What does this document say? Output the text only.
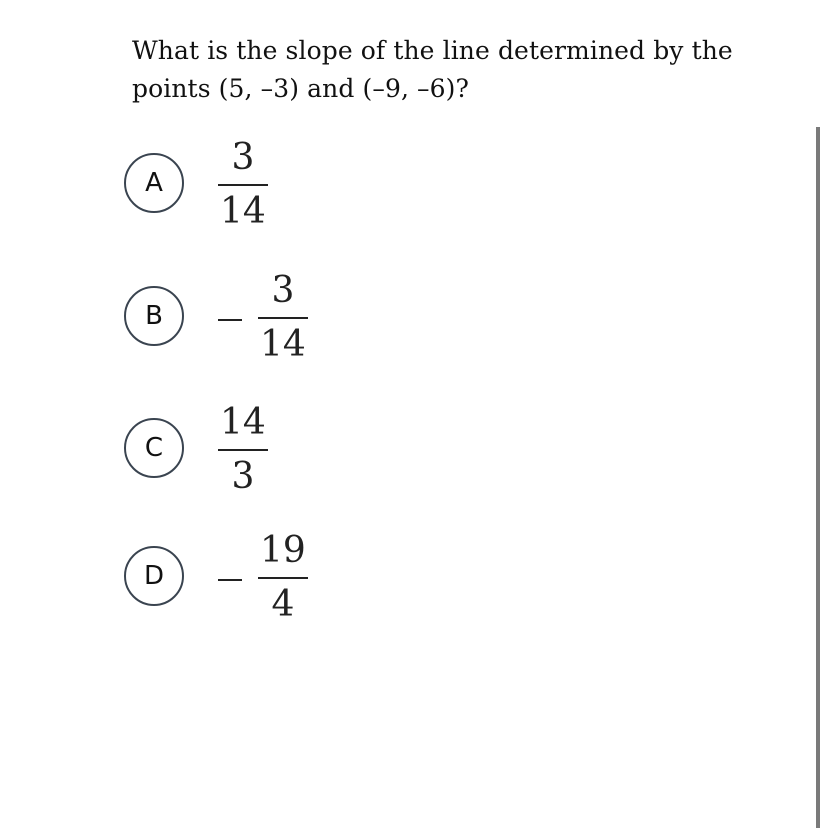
What is the slope of the line determined by the points (5, –3) and (–9, –6)?
A	$\frac{3}{14}$
B	$\frac{3}{14}$
C	$\frac{14}{3}$
D	$\frac{19}{4}$
